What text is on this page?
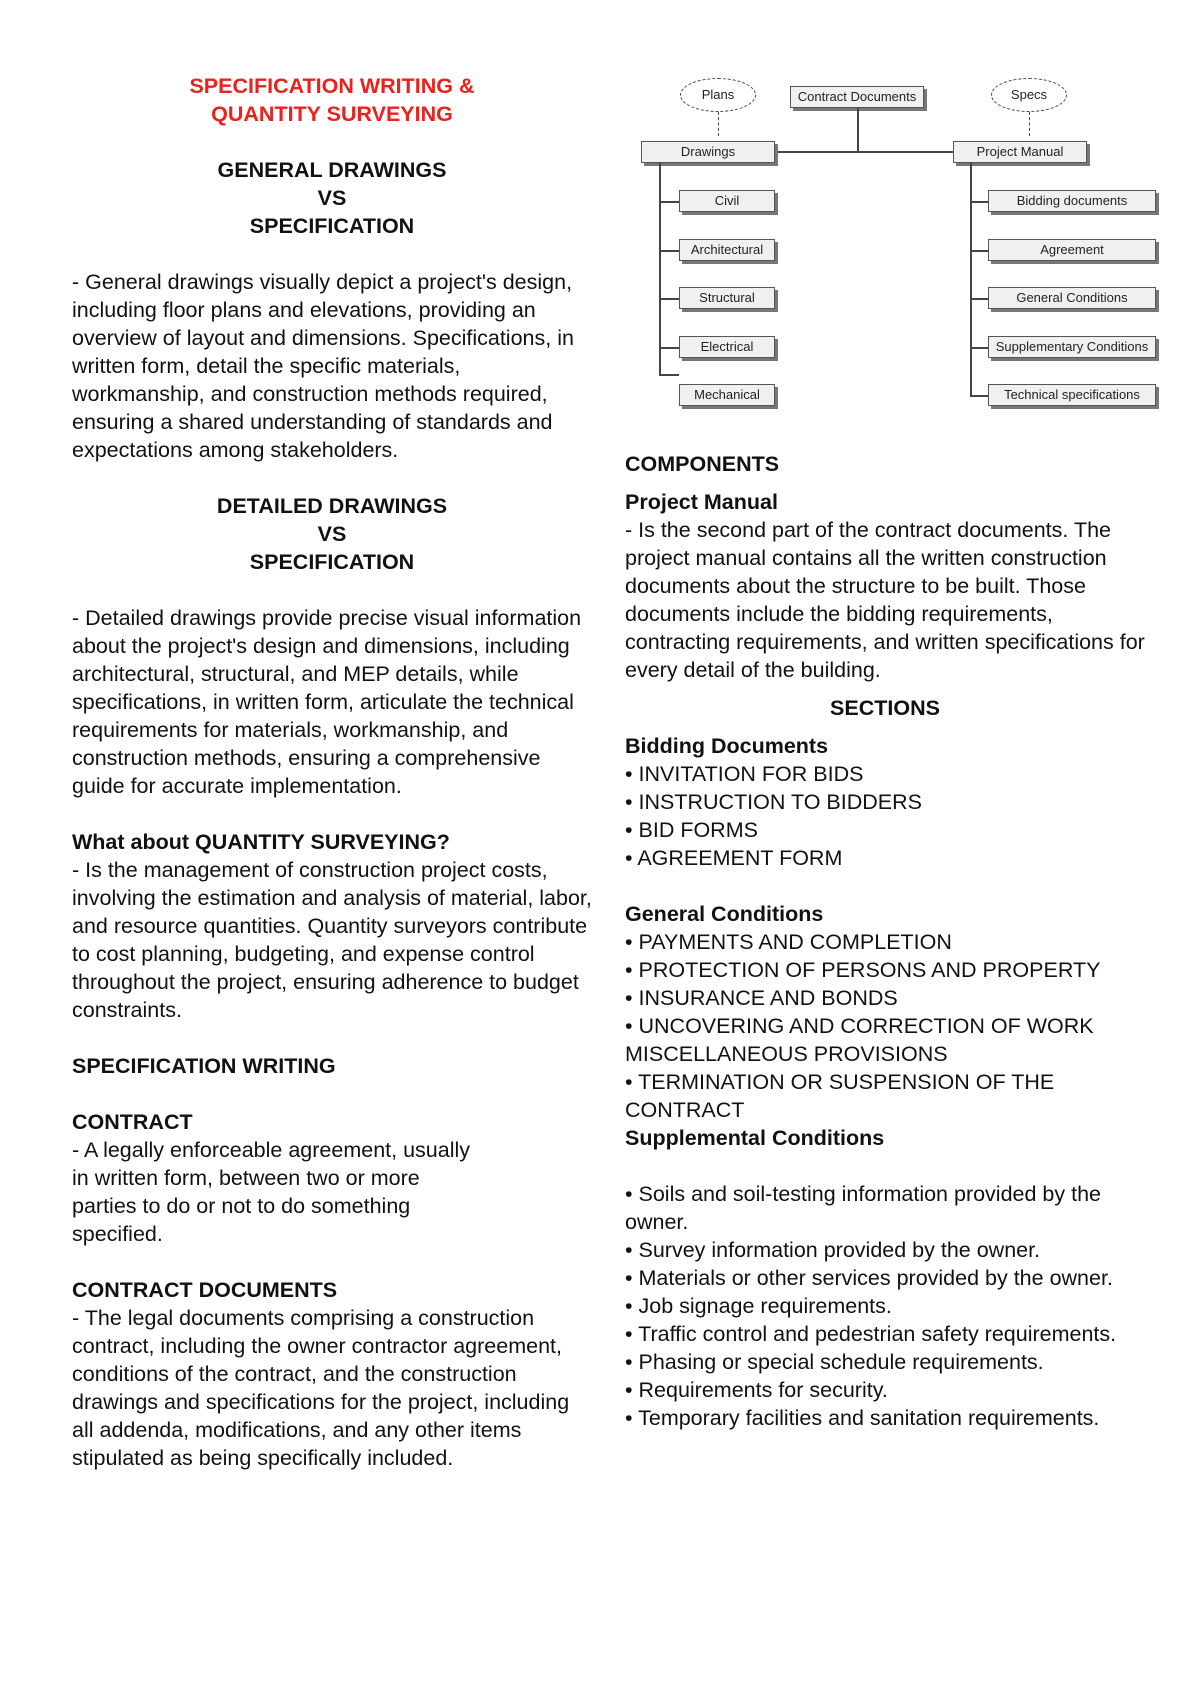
SPECIFICATION WRITING &
QUANTITY SURVEYING
GENERAL DRAWINGS
VS
SPECIFICATION

- General drawings visually depict a project's design, including floor plans and elevations, providing an overview of layout and dimensions. Specifications, in written form, detail the specific materials, workmanship, and construction methods required, ensuring a shared understanding of standards and expectations among stakeholders.

DETAILED DRAWINGS
VS
SPECIFICATION

- Detailed drawings provide precise visual information about the project's design and dimensions, including architectural, structural, and MEP details, while specifications, in written form, articulate the technical requirements for materials, workmanship, and construction methods, ensuring a comprehensive guide for accurate implementation.

What about QUANTITY SURVEYING?

- Is the management of construction project costs, involving the estimation and analysis of material, labor, and resource quantities. Quantity surveyors contribute to cost planning, budgeting, and expense control throughout the project, ensuring adherence to budget constraints.

SPECIFICATION WRITING

CONTRACT

- A legally enforceable agreement, usually
in written form, between two or more
parties to do or not to do something
specified.

CONTRACT DOCUMENTS

- The legal documents comprising a construction contract, including the owner contractor agreement, conditions of the contract, and the construction drawings and specifications for the project, including all addenda, modifications, and any other items stipulated as being specifically included.

Plans	Contract Documents	Specs
Drawings	Project Manual
Civil
Architectural
Structural
Electrical
Mechanical
Bidding documents
Agreement
General Conditions
Supplementary Conditions
Technical specifications

COMPONENTS

Project Manual

- Is the second part of the contract documents. The project manual contains all the written construction documents about the structure to be built. Those documents include the bidding requirements, contracting requirements, and written specifications for every detail of the building.

SECTIONS

Bidding Documents

• INVITATION FOR BIDS
• INSTRUCTION TO BIDDERS
• BID FORMS
• AGREEMENT FORM

General Conditions

• PAYMENTS AND COMPLETION
• PROTECTION OF PERSONS AND PROPERTY
• INSURANCE AND BONDS
• UNCOVERING AND CORRECTION OF WORK MISCELLANEOUS PROVISIONS
• TERMINATION OR SUSPENSION OF THE CONTRACT

Supplemental Conditions

• Soils and soil-testing information provided by the owner.
• Survey information provided by the owner.
• Materials or other services provided by the owner.
• Job signage requirements.
• Traffic control and pedestrian safety requirements.
• Phasing or special schedule requirements.
• Requirements for security.
• Temporary facilities and sanitation requirements.
